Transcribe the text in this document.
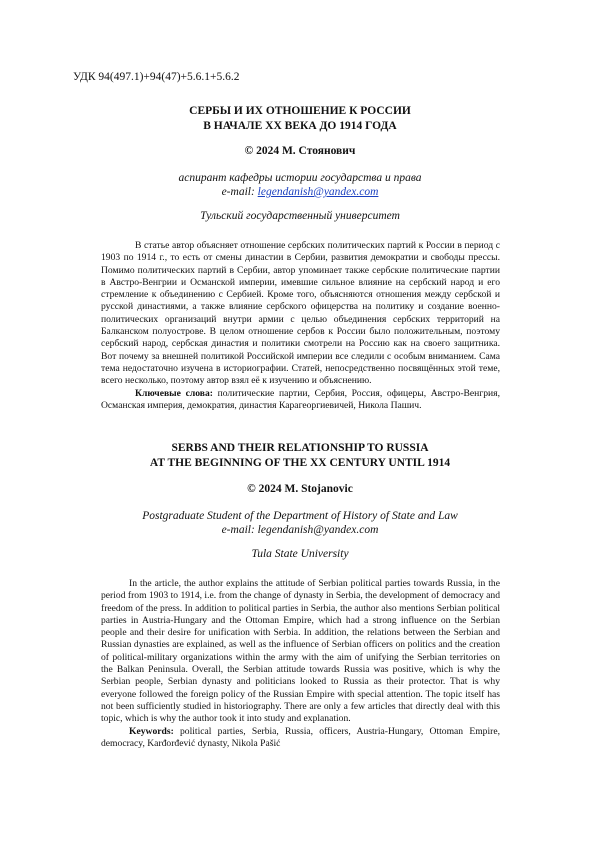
УДК 94(497.1)+94(47)+5.6.1+5.6.2
СЕРБЫ И ИХ ОТНОШЕНИЕ К РОССИИ
В НАЧАЛЕ XX ВЕКА ДО 1914 ГОДА
© 2024 М. Стоянович
аспирант кафедры истории государства и права
e-mail: legendanish@yandex.com
Тульский государственный университет

В статье автор объясняет отношение сербских политических партий к России в период с 1903 по 1914 г., то есть от смены династии в Сербии, развития демократии и свободы прессы. Помимо политических партий в Сербии, автор упоминает также сербские политические партии в Австро-Венгрии и Османской империи, имевшие сильное влияние на сербский народ и его стремление к объединению с Сербией. Кроме того, объясняются отношения между сербской и русской династиями, а также влияние сербского офицерства на политику и создание военно-политических организаций внутри армии с целью объединения сербских территорий на Балканском полуострове. В целом отношение сербов к России было положительным, поэтому сербский народ, сербская династия и политики смотрели на Россию как на своего защитника. Вот почему за внешней политикой Российской империи все следили с особым вниманием. Сама тема недостаточно изучена в историографии. Статей, непосредственно посвящённых этой теме, всего несколько, поэтому автор взял её к изучению и объяснению.

Ключевые слова: политические партии, Сербия, Россия, офицеры, Австро-Венгрия, Османская империя, демократия, династия Карагеоргиевичей, Никола Пашич.

SERBS AND THEIR RELATIONSHIP TO RUSSIA
AT THE BEGINNING OF THE XX CENTURY UNTIL 1914
© 2024 M. Stojanovic
Postgraduate Student of the Department of History of State and Law
e-mail: legendanish@yandex.com
Tula State University

In the article, the author explains the attitude of Serbian political parties towards Russia, in the period from 1903 to 1914, i.e. from the change of dynasty in Serbia, the development of democracy and freedom of the press. In addition to political parties in Serbia, the author also mentions Serbian political parties in Austria-Hungary and the Ottoman Empire, which had a strong influence on the Serbian people and their desire for unification with Serbia. In addition, the relations between the Serbian and Russian dynasties are explained, as well as the influence of Serbian officers on politics and the creation of political-military organizations within the army with the aim of unifying the Serbian territories on the Balkan Peninsula. Overall, the Serbian attitude towards Russia was positive, which is why the Serbian people, Serbian dynasty and politicians looked to Russia as their protector. That is why everyone followed the foreign policy of the Russian Empire with special attention. The topic itself has not been sufficiently studied in historiography. There are only a few articles that directly deal with this topic, which is why the author took it into study and explanation.

Keywords: political parties, Serbia, Russia, officers, Austria-Hungary, Ottoman Empire, democracy, Karđorđević dynasty, Nikola Pašić
